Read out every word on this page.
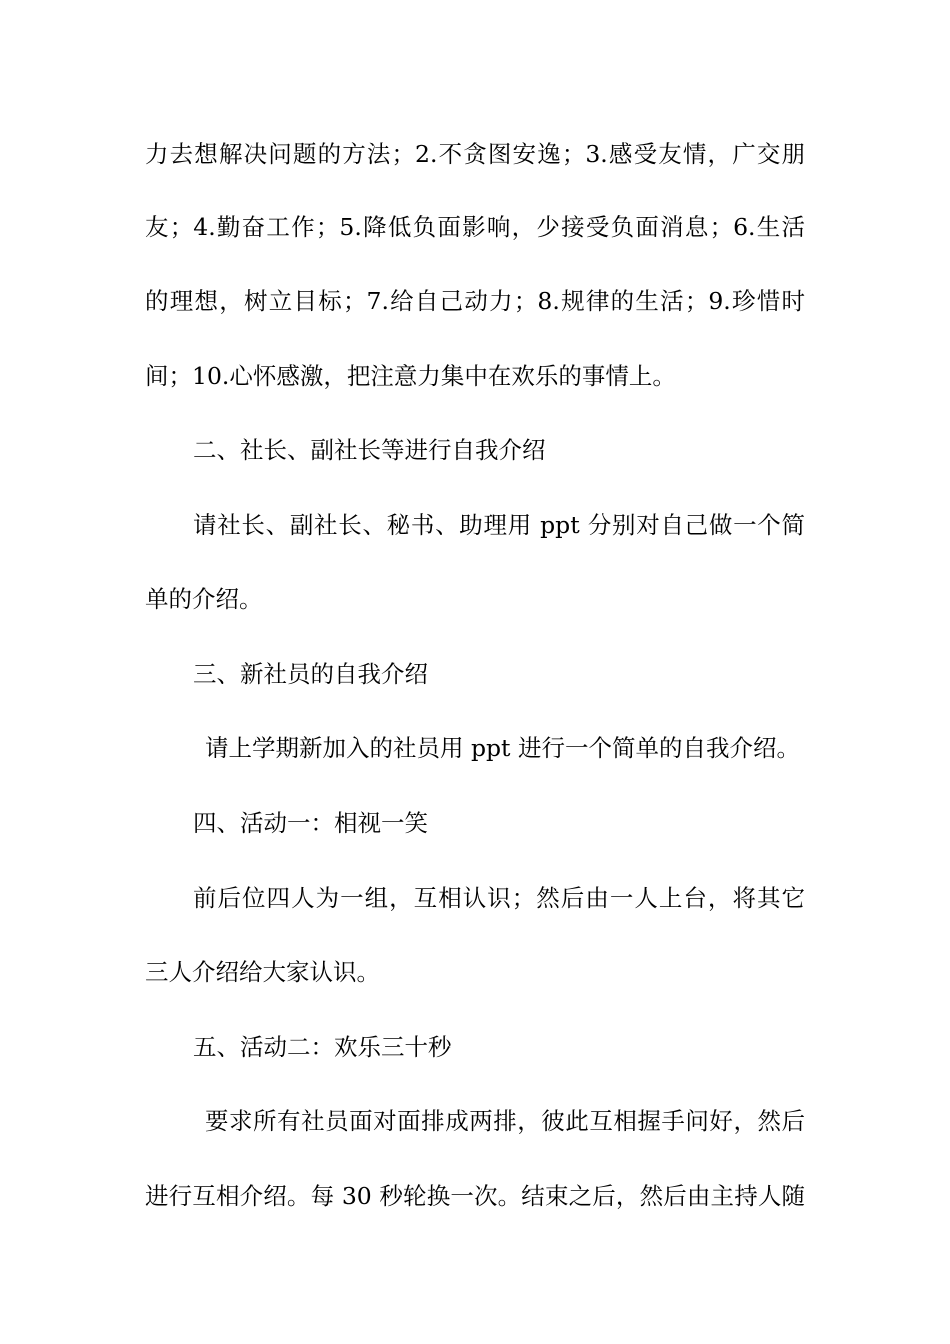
力去想解决问题的方法；2.不贪图安逸；3.感受友情，广交朋
友；4.勤奋工作；5.降低负面影响，少接受负面消息；6.生活
的理想，树立目标；7.给自己动力；8.规律的生活；9.珍惜时
间；10.心怀感激，把注意力集中在欢乐的事情上。
二、社长、副社长等进行自我介绍
请社长、副社长、秘书、助理用 ppt 分别对自己做一个简
单的介绍。
三、新社员的自我介绍
请上学期新加入的社员用 ppt 进行一个简单的自我介绍。
四、活动一：相视一笑
前后位四人为一组，互相认识；然后由一人上台，将其它
三人介绍给大家认识。
五、活动二：欢乐三十秒
要求所有社员面对面排成两排，彼此互相握手问好，然后
进行互相介绍。每 30 秒轮换一次。结束之后，然后由主持人随
